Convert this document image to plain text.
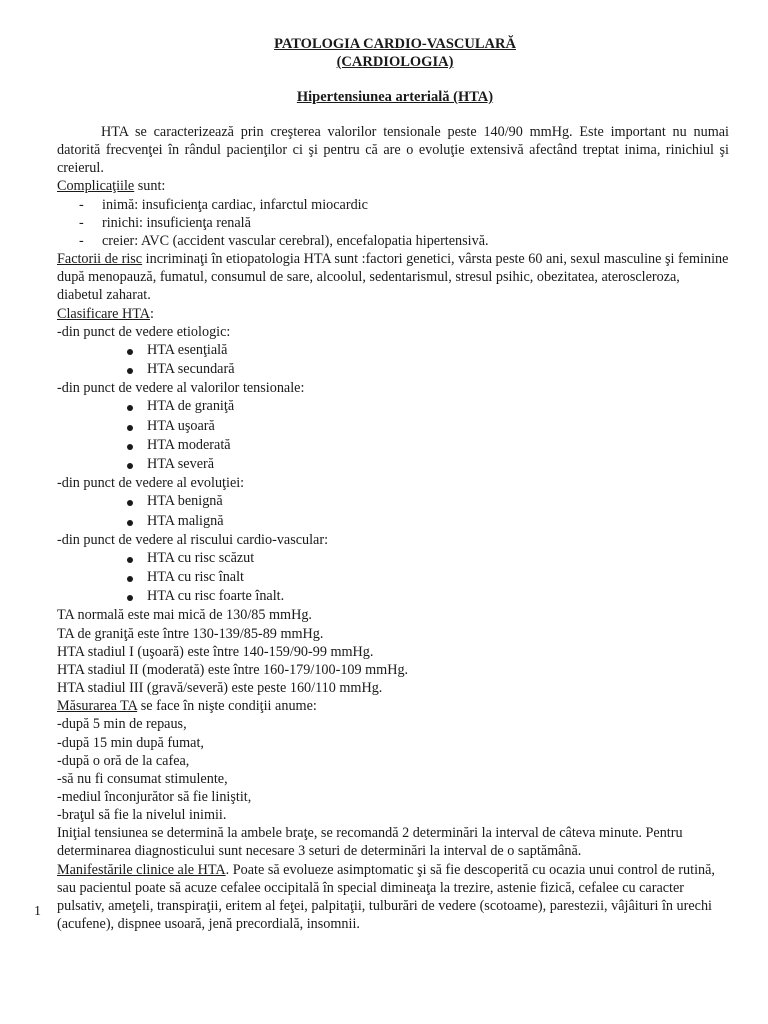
PATOLOGIA CARDIO-VASCULARĂ
(CARDIOLOGIA)
Hipertensiunea arterială (HTA)

HTA se caracterizează prin creşterea valorilor tensionale peste 140/90 mmHg. Este important nu numai datorită frecvenţei în rândul pacienţilor ci şi pentru că are o evoluţie extensivă afectând treptat inima, rinichiul şi creierul.

Complicaţiile sunt:

- inimă: insuficienţa cardiac, infarctul miocardic

- rinichi: insuficienţa renală

- creier: AVC (accident vascular cerebral), encefalopatia hipertensivă.

Factorii de risc incriminaţi în etiopatologia HTA sunt :factori genetici, vârsta peste 60 ani, sexul masculine şi feminine după menopauză, fumatul, consumul de sare, alcoolul, sedentarismul, stresul psihic, obezitatea, ateroscleroza, diabetul zaharat.

Clasificare HTA:

-din punct de vedere etiologic:

HTA esenţială
HTA secundară

-din punct de vedere al valorilor tensionale:

HTA de graniţă
HTA uşoară
HTA moderată
HTA severă

-din punct de vedere al evoluţiei:

HTA benignă
HTA malignă

-din punct de vedere al riscului cardio-vascular:

HTA cu risc scăzut
HTA cu risc înalt
HTA cu risc foarte înalt.

TA normală este mai mică de 130/85 mmHg.

TA de graniţă este între 130-139/85-89 mmHg.

HTA stadiul I (uşoară) este între 140-159/90-99 mmHg.

HTA stadiul II (moderată) este între 160-179/100-109 mmHg.

HTA stadiul III (gravă/severă) este peste 160/110 mmHg.

Măsurarea TA se face în nişte condiţii anume:

-după 5 min de repaus,

-după 15 min după fumat,

-după o oră de la cafea,

-să nu fi consumat stimulente,

-mediul înconjurător să fie liniştit,

-braţul să fie la nivelul inimii.

Iniţial tensiunea se determină la ambele braţe, se recomandă 2 determinări la interval de câteva minute. Pentru determinarea diagnosticului sunt necesare 3 seturi de determinări la interval de o saptămână.

Manifestările clinice ale HTA. Poate să evolueze asimptomatic şi să fie descoperită cu ocazia unui control de rutină, sau pacientul poate să acuze cefalee occipitală în special dimineaţa la trezire, astenie fizică, cefalee cu caracter pulsativ, ameţeli, transpiraţii, eritem al feţei, palpitaţii, tulburări de vedere (scotoame), parestezii, vâjâituri în urechi (acufene), dispnee usoară, jenă precordială, insomnii.

1
